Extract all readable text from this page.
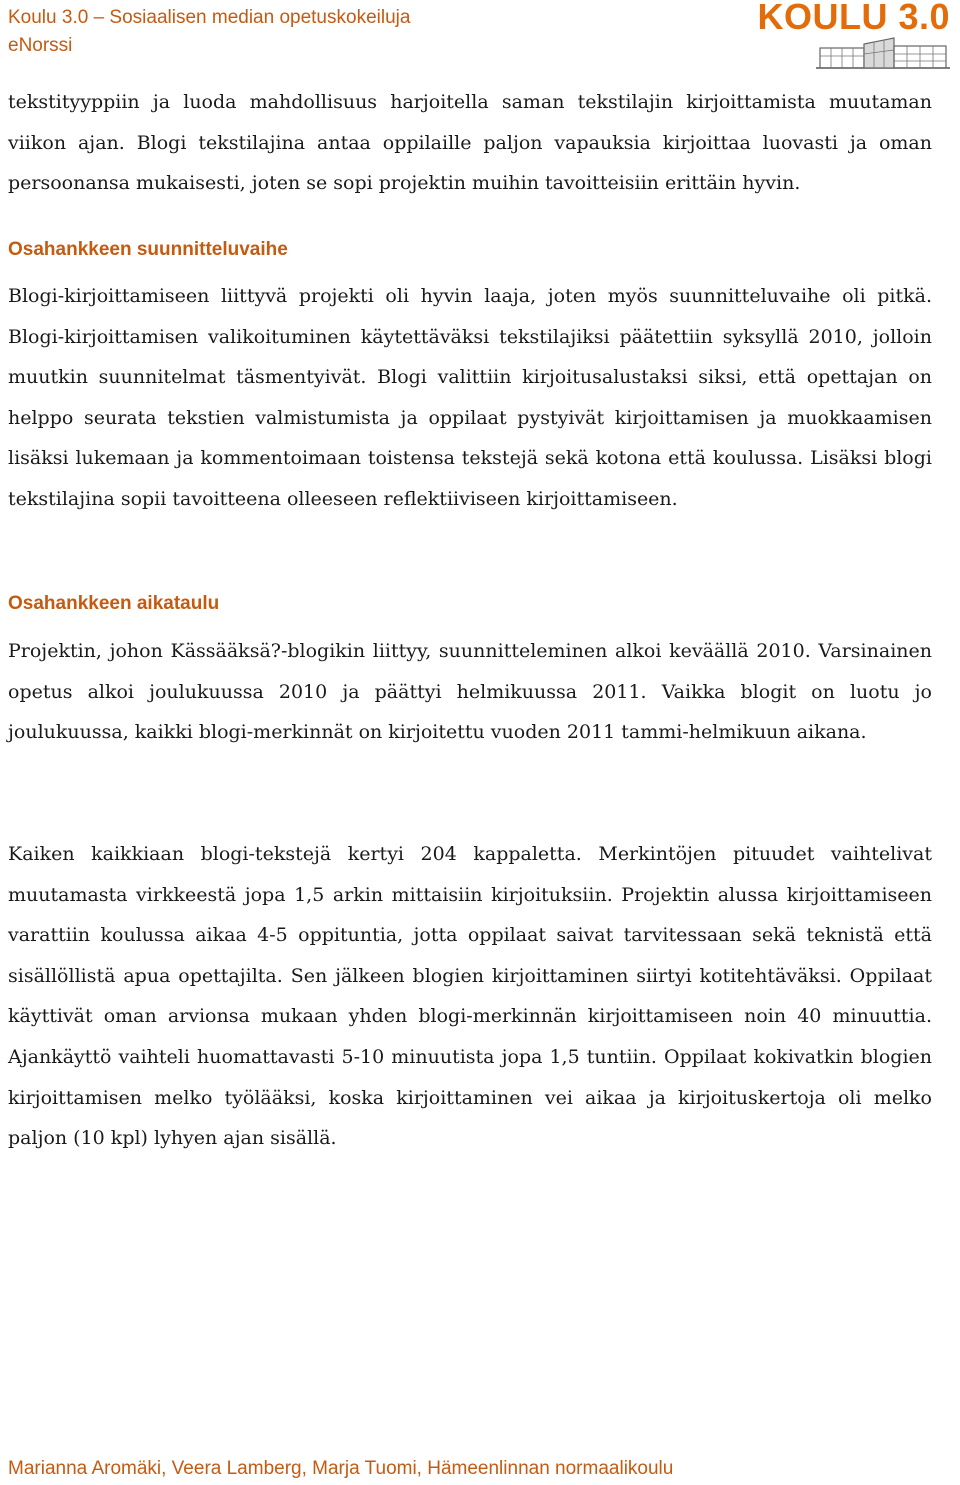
Koulu 3.0 – Sosiaalisen median opetuskokeiluja
eNorssi
KOULU 3.0

tekstityyppiin ja luoda mahdollisuus harjoitella saman tekstilajin kirjoittamista muutaman viikon ajan. Blogi tekstilajina antaa oppilaille paljon vapauksia kirjoittaa luovasti ja oman persoonansa mukaisesti, joten se sopi projektin muihin tavoitteisiin erittäin hyvin.

Osahankkeen suunnitteluvaihe

Blogi-kirjoittamiseen liittyvä projekti oli hyvin laaja, joten myös suunnitteluvaihe oli pitkä. Blogi-kirjoittamisen valikoituminen käytettäväksi tekstilajiksi päätettiin syksyllä 2010, jolloin muutkin suunnitelmat täsmentyivät. Blogi valittiin kirjoitusalustaksi siksi, että opettajan on helppo seurata tekstien valmistumista ja oppilaat pystyivät kirjoittamisen ja muokkaamisen lisäksi lukemaan ja kommentoimaan toistensa tekstejä sekä kotona että koulussa. Lisäksi blogi tekstilajina sopii tavoitteena olleeseen reflektiiviseen kirjoittamiseen.

Osahankkeen aikataulu

Projektin, johon Kässääksä?-blogikin liittyy, suunnitteleminen alkoi keväällä 2010. Varsinainen opetus alkoi joulukuussa 2010 ja päättyi helmikuussa 2011. Vaikka blogit on luotu jo joulukuussa, kaikki blogi-merkinnät on kirjoitettu vuoden 2011 tammi-helmikuun aikana.

Kaiken kaikkiaan blogi-tekstejä kertyi 204 kappaletta. Merkintöjen pituudet vaihtelivat muutamasta virkkeestä jopa 1,5 arkin mittaisiin kirjoituksiin. Projektin alussa kirjoittamiseen varattiin koulussa aikaa 4-5 oppituntia, jotta oppilaat saivat tarvitessaan sekä teknistä että sisällöllistä apua opettajilta. Sen jälkeen blogien kirjoittaminen siirtyi kotitehtäväksi. Oppilaat käyttivät oman arvionsa mukaan yhden blogi-merkinnän kirjoittamiseen noin 40 minuuttia. Ajankäyttö vaihteli huomattavasti 5-10 minuutista jopa 1,5 tuntiin. Oppilaat kokivatkin blogien kirjoittamisen melko työlääksi, koska kirjoittaminen vei aikaa ja kirjoituskertoja oli melko paljon (10 kpl) lyhyen ajan sisällä.

Marianna Aromäki, Veera Lamberg, Marja Tuomi, Hämeenlinnan normaalikoulu
